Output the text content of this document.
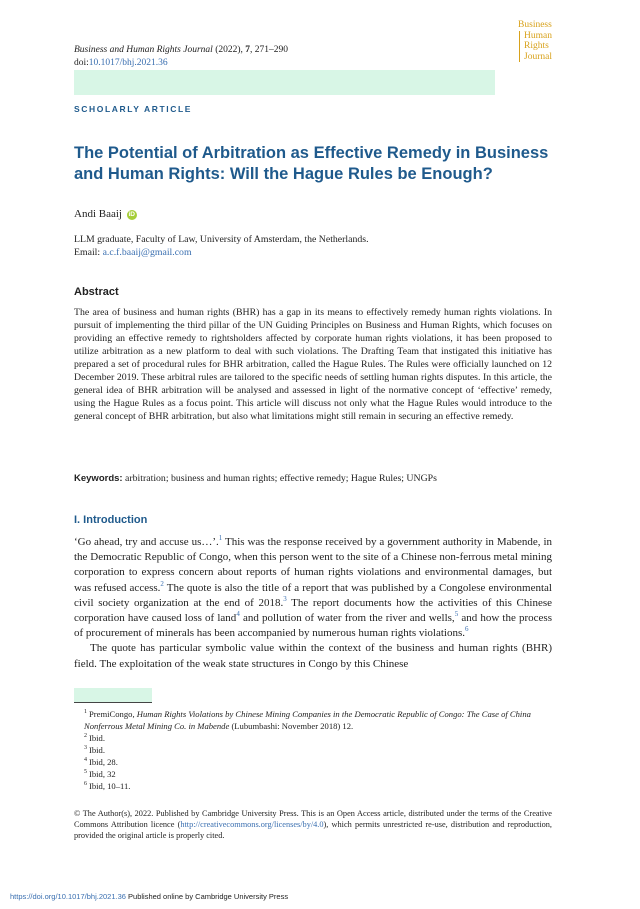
Business and Human Rights Journal (2022), 7, 271–290
doi:10.1017/bhj.2021.36
Business
Human
Rights
Journal
SCHOLARLY ARTICLE
The Potential of Arbitration as Effective Remedy in Business and Human Rights: Will the Hague Rules be Enough?
Andi Baaij iD
LLM graduate, Faculty of Law, University of Amsterdam, the Netherlands.
Email: a.c.f.baaij@gmail.com
Abstract
The area of business and human rights (BHR) has a gap in its means to effectively remedy human rights violations. In pursuit of implementing the third pillar of the UN Guiding Principles on Business and Human Rights, which focuses on providing an effective remedy to rightsholders affected by corporate human rights violations, it has been proposed to utilize arbitration as a new platform to deal with such violations. The Drafting Team that instigated this initiative has prepared a set of procedural rules for BHR arbitration, called the Hague Rules. The Rules were officially launched on 12 December 2019. These arbitral rules are tailored to the specific needs of settling human rights disputes. In this article, the general idea of BHR arbitration will be analysed and assessed in light of the normative concept of ‘effective’ remedy, using the Hague Rules as a focus point. This article will discuss not only what the Hague Rules would introduce to the general concept of BHR arbitration, but also what limitations might still remain in securing an effective remedy.
Keywords: arbitration; business and human rights; effective remedy; Hague Rules; UNGPs
I. Introduction

‘Go ahead, try and accuse us…’.$^1$ This was the response received by a government authority in Mabende, in the Democratic Republic of Congo, when this person went to the site of a Chinese non-ferrous metal mining corporation to express concern about reports of human rights violations and environmental damages, but was refused access.$^2$ The quote is also the title of a report that was published by a Congolese environmental civil society organization at the end of 2018.$^3$ The report documents how the activities of this Chinese corporation have caused loss of land$^4$ and pollution of water from the river and wells,$^5$ and how the process of procurement of minerals has been accompanied by numerous human rights violations.$^6$

The quote has particular symbolic value within the context of the business and human rights (BHR) field. The exploitation of the weak state structures in Congo by this Chinese

$^1$ PremiCongo, Human Rights Violations by Chinese Mining Companies in the Democratic Republic of Congo: The Case of China Nonferrous Metal Mining Co. in Mabende (Lubumbashi: November 2018) 12.
$^2$ Ibid.
$^3$ Ibid.
$^4$ Ibid, 28.
$^5$ Ibid, 32
$^6$ Ibid, 10–11.
© The Author(s), 2022. Published by Cambridge University Press. This is an Open Access article, distributed under the terms of the Creative Commons Attribution licence (http://creativecommons.org/licenses/by/4.0), which permits unrestricted re-use, distribution and reproduction, provided the original article is properly cited.
https://doi.org/10.1017/bhj.2021.36 Published online by Cambridge University Press
